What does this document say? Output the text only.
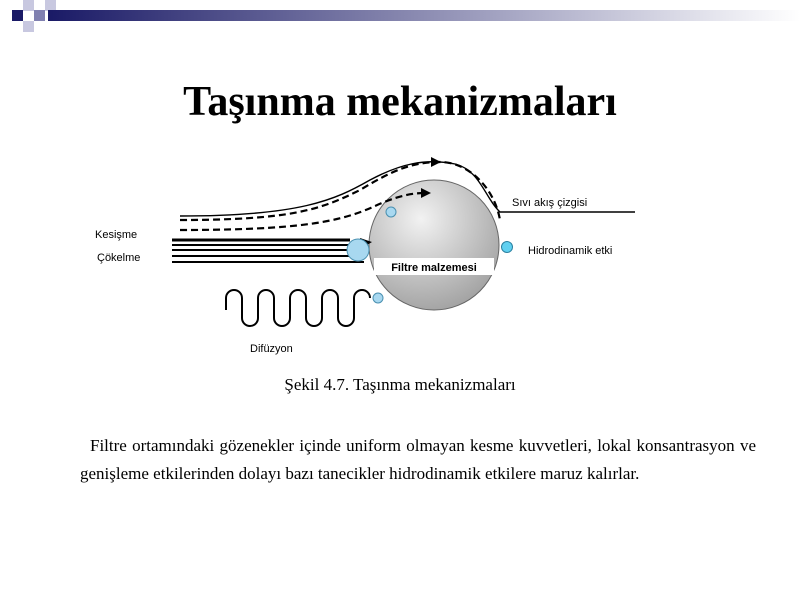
Taşınma mekanizmaları
Filtre malzemesi
Kesişme
Çökelme
Sıvı akış çizgisi
Hidrodinamik etki
Difüzyon
Şekil 4.7. Taşınma mekanizmaları
Filtre ortamındaki gözenekler içinde uniform olmayan kesme kuvvetleri, lokal konsantrasyon ve genişleme etkilerinden dolayı bazı tanecikler hidrodinamik etkilere maruz kalırlar.
